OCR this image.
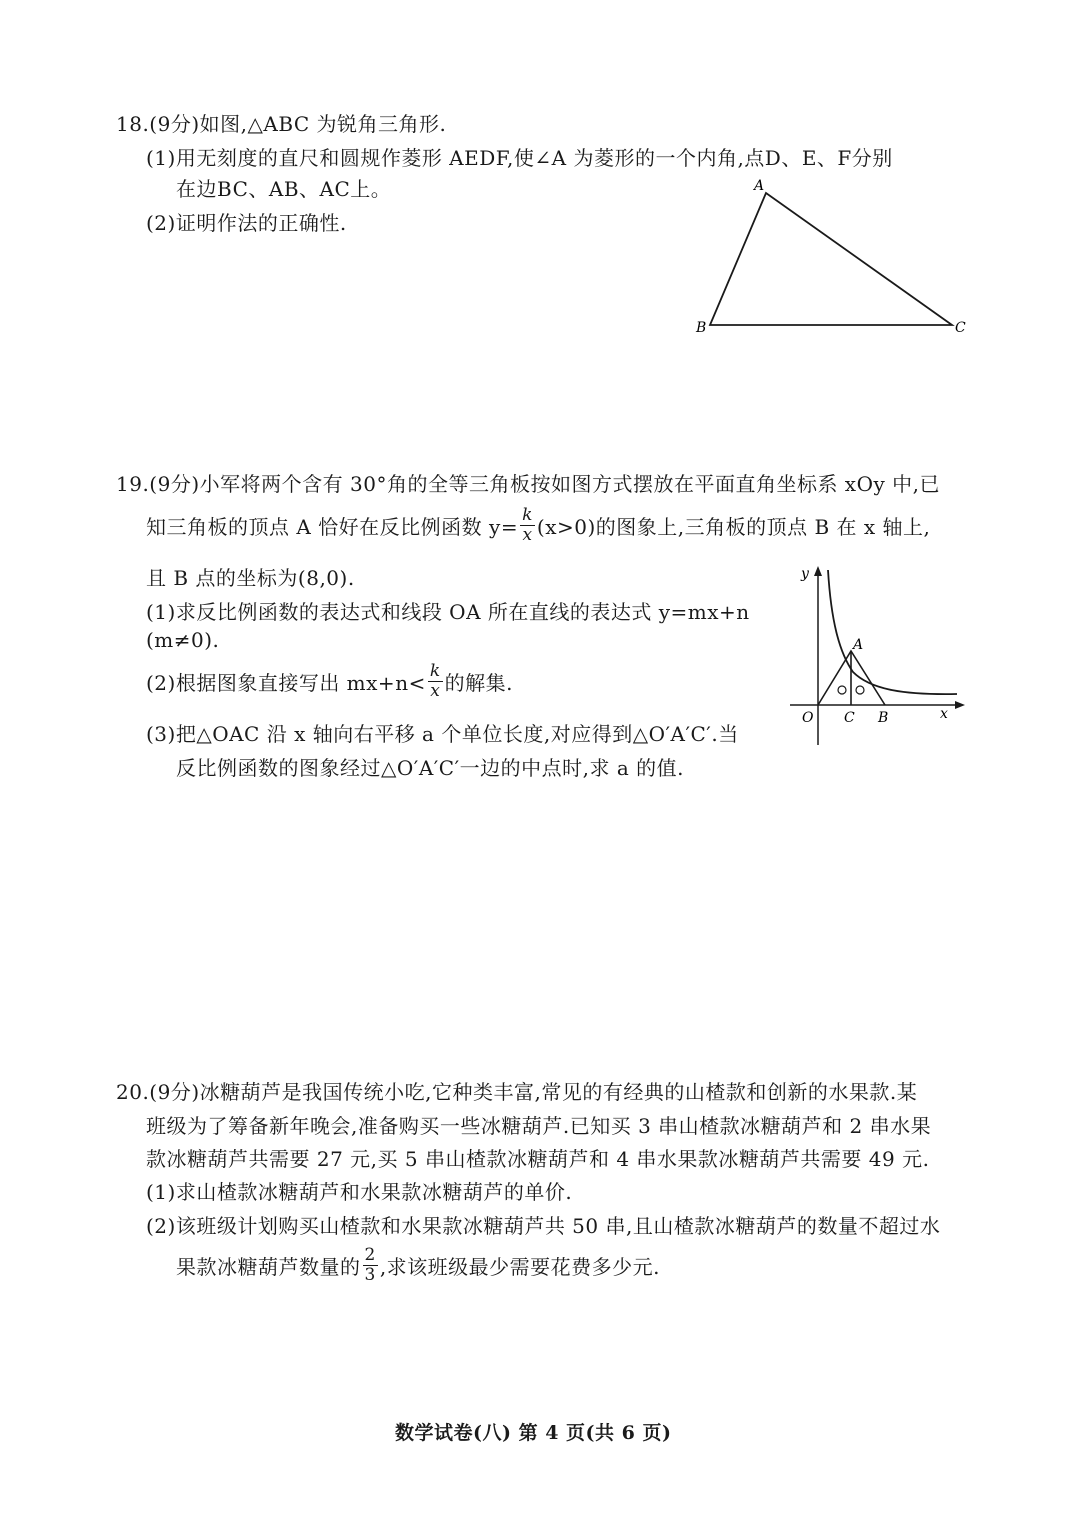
18.(9分)如图,△ABC 为锐角三角形.
(1)用无刻度的直尺和圆规作菱形 AEDF,使∠A 为菱形的一个内角,点D、E、F分别
在边BC、AB、AC上。
(2)证明作法的正确性.
A
B	C
19.(9分)小军将两个含有 30°角的全等三角板按如图方式摆放在平面直角坐标系 xOy 中,已
知三角板的顶点 A 恰好在反比例函数 $y= \frac{k}{x} (x>0)$的图象上,三角板的顶点 B 在 x 轴上,
且 B 点的坐标为(8,0).
(1)求反比例函数的表达式和线段 OA 所在直线的表达式 y=mx+n
(m≠0).
(2)根据图象直接写出 $mx+n< \frac{k}{x}$ 的解集.
(3)把△OAC 沿 x 轴向右平移 a 个单位长度,对应得到△O′A′C′.当
反比例函数的图象经过△O′A′C′一边的中点时,求 a 的值.
y
x
O
A
C B
20.(9分)冰糖葫芦是我国传统小吃,它种类丰富,常见的有经典的山楂款和创新的水果款.某
班级为了筹备新年晚会,准备购买一些冰糖葫芦.已知买 3 串山楂款冰糖葫芦和 2 串水果
款冰糖葫芦共需要 27 元,买 5 串山楂款冰糖葫芦和 4 串水果款冰糖葫芦共需要 49 元.
(1)求山楂款冰糖葫芦和水果款冰糖葫芦的单价.
(2)该班级计划购买山楂款和水果款冰糖葫芦共 50 串,且山楂款冰糖葫芦的数量不超过水
果款冰糖葫芦数量的 $\frac{2}{3}$ ,求该班级最少需要花费多少元.
数学试卷(八) 第 4 页(共 6 页)
